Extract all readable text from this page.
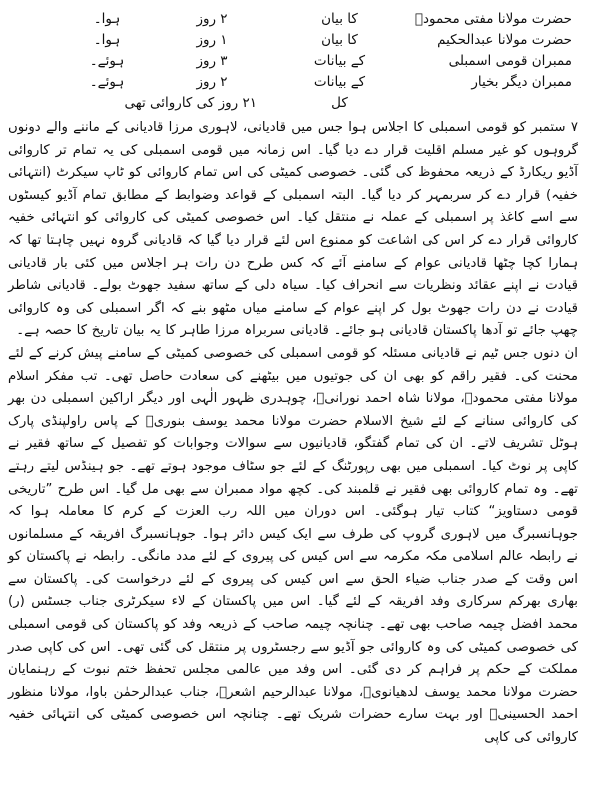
حضرت مولانا مفتی محمودؒ
کا بیان
۲ روز
ہوا۔
حضرت مولانا عبدالحکیم
کا بیان
۱ روز
ہوا۔
ممبران قومی اسمبلی
کے بیانات
۳ روز
ہوئے۔
ممبران دیگر بخیار
کے بیانات
۲ روز
ہوئے۔
کل
۲۱ روز کی کاروائی تھی

۷ ستمبر کو قومی اسمبلی کا اجلاس ہوا جس میں قادیانی، لاہوری مرزا قادیانی کے ماننے والے دونوں گروہوں کو غیر مسلم اقلیت قرار دے دیا گیا۔ اس زمانہ میں قومی اسمبلی کی یہ تمام تر کاروائی آڈیو ریکارڈ کے ذریعہ محفوظ کی گئی۔ خصوصی کمیٹی کی اس تمام کاروائی کو ٹاپ سیکرٹ (انتہائی خفیہ) قرار دے کر سربمہر کر دیا گیا۔ البتہ اسمبلی کے قواعد وضوابط کے مطابق تمام آڈیو کیسٹوں سے اسے کاغذ پر اسمبلی کے عملہ نے منتقل کیا۔ اس خصوصی کمیٹی کی کاروائی کو انتہائی خفیہ کاروائی قرار دے کر اس کی اشاعت کو ممنوع اس لئے قرار دیا گیا کہ قادیانی گروہ نہیں چاہتا تھا کہ ہمارا کچا چٹھا قادیانی عوام کے سامنے آئے کہ کس طرح دن رات ہر اجلاس میں کئی بار قادیانی قیادت نے اپنے عقائد ونظریات سے انحراف کیا۔ سیاہ دلی کے ساتھ سفید جھوٹ بولے۔ قادیانی شاطر قیادت نے دن رات جھوٹ بول کر اپنے عوام کے سامنے میاں مٹھو بنے کہ اگر اسمبلی کی وہ کاروائی چھپ جائے تو آدھا پاکستان قادیانی ہو جائے۔ قادیانی سربراہ مرزا طاہر کا یہ بیان تاریخ کا حصہ ہے۔

ان دنوں جس ٹیم نے قادیانی مسئلہ کو قومی اسمبلی کی خصوصی کمیٹی کے سامنے پیش کرنے کے لئے محنت کی۔ فقیر راقم کو بھی ان کی جوتیوں میں بیٹھنے کی سعادت حاصل تھی۔ تب مفکر اسلام مولانا مفتی محمودؒ، مولانا شاہ احمد نورانیؒ، چوہدری ظہور الٰہی اور دیگر اراکین اسمبلی دن بھر کی کاروائی سنانے کے لئے شیخ الاسلام حضرت مولانا محمد یوسف بنوریؒ کے پاس راولپنڈی پارک ہوٹل تشریف لاتے۔ ان کی تمام گفتگو، قادیانیوں سے سوالات وجوابات کو تفصیل کے ساتھ فقیر نے کاپی پر نوٹ کیا۔ اسمبلی میں بھی رپورٹنگ کے لئے جو سٹاف موجود ہوتے تھے۔ جو ہینڈس لیتے رہتے تھے۔ وہ تمام کاروائی بھی فقیر نے قلمبند کی۔ کچھ مواد ممبران سے بھی مل گیا۔ اس طرح ”تاریخی قومی دستاویز“ کتاب تیار ہوگئی۔ اس دوران میں اللہ رب العزت کے کرم کا معاملہ ہوا کہ جوہانسبرگ میں لاہوری گروپ کی طرف سے ایک کیس دائر ہوا۔ جوہانسبرگ افریقہ کے مسلمانوں نے رابطہ عالم اسلامی مکہ مکرمہ سے اس کیس کی پیروی کے لئے مدد مانگی۔ رابطہ نے پاکستان کو اس وقت کے صدر جناب ضیاء الحق سے اس کیس کی پیروی کے لئے درخواست کی۔ پاکستان سے بھاری بھرکم سرکاری وفد افریقہ کے لئے گیا۔ اس میں پاکستان کے لاء سیکرٹری جناب جسٹس (ر) محمد افضل چیمہ صاحب بھی تھے۔ چنانچہ چیمہ صاحب کے ذریعہ وفد کو پاکستان کی قومی اسمبلی کی خصوصی کمیٹی کی وہ کاروائی جو آڈیو سے رجسٹروں پر منتقل کی گئی تھی۔ اس کی کاپی صدر مملکت کے حکم پر فراہم کر دی گئی۔ اس وفد میں عالمی مجلس تحفظ ختم نبوت کے رہنمایان حضرت مولانا محمد یوسف لدھیانویؒ، مولانا عبدالرحیم اشعرؒ، جناب عبدالرحمٰن باوا، مولانا منظور احمد الحسینیؒ اور بہت سارے حضرات شریک تھے۔ چنانچہ اس خصوصی کمیٹی کی انتہائی خفیہ کاروائی کی کاپی
